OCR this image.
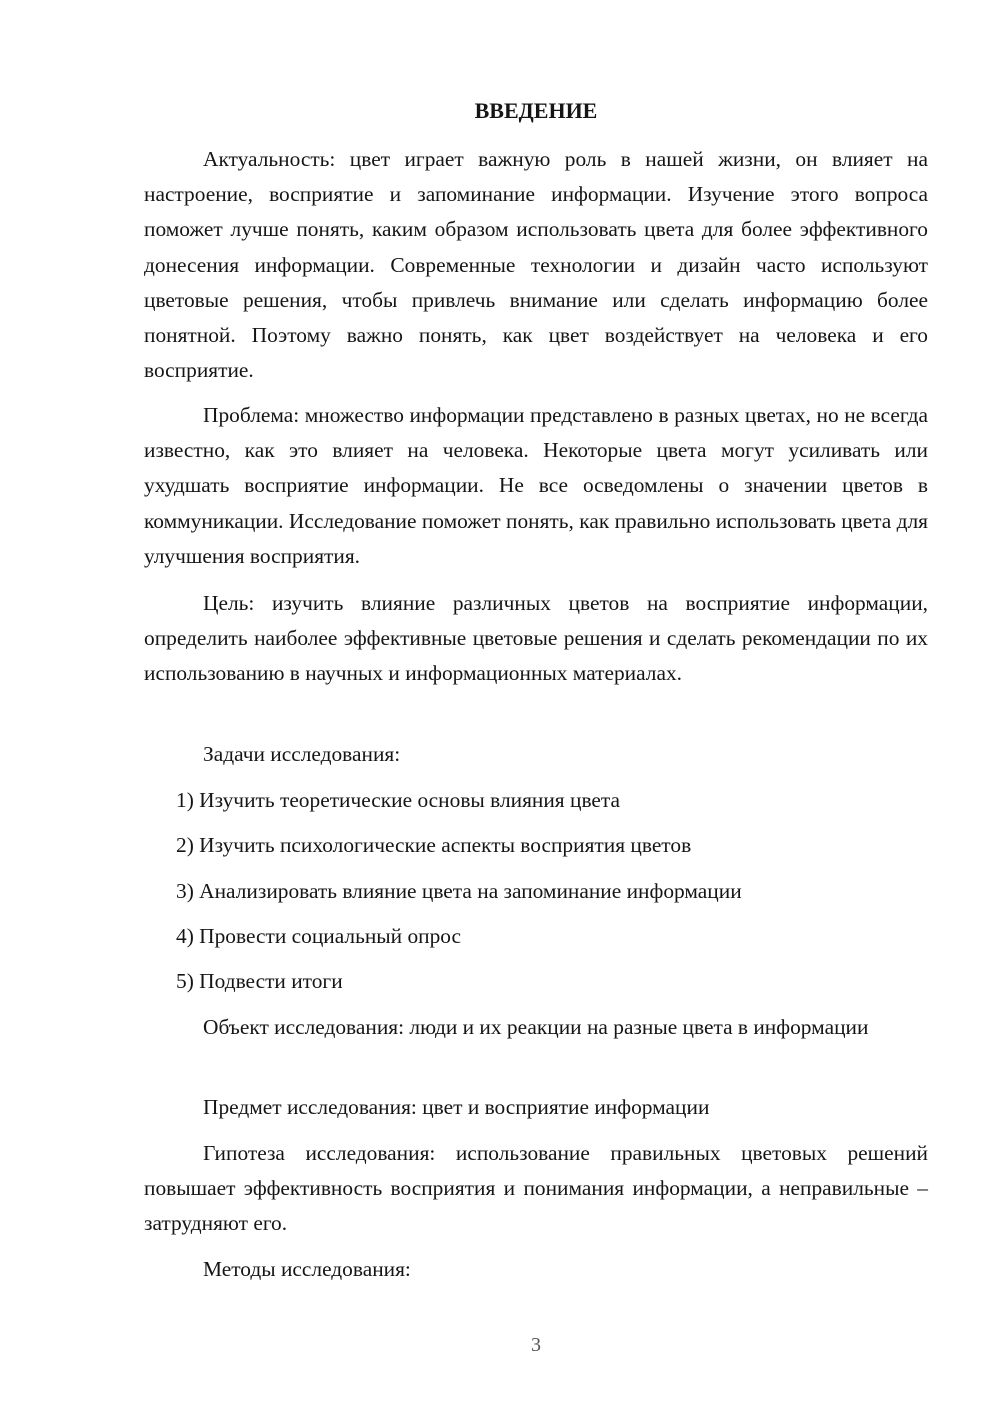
ВВЕДЕНИЕ

Актуальность: цвет играет важную роль в нашей жизни, он влияет на настроение, восприятие и запоминание информации. Изучение этого вопроса поможет лучше понять, каким образом использовать цвета для более эффективного донесения информации. Современные технологии и дизайн часто используют цветовые решения, чтобы привлечь внимание или сделать информацию более понятной. Поэтому важно понять, как цвет воздействует на человека и его восприятие.

Проблема: множество информации представлено в разных цветах, но не всегда известно, как это влияет на человека. Некоторые цвета могут усиливать или ухудшать восприятие информации. Не все осведомлены о значении цветов в коммуникации. Исследование поможет понять, как правильно использовать цвета для улучшения восприятия.

Цель: изучить влияние различных цветов на восприятие информации, определить наиболее эффективные цветовые решения и сделать рекомендации по их использованию в научных и информационных материалах.

Задачи исследования:
1) Изучить теоретические основы влияния цвета
2) Изучить психологические аспекты восприятия цветов
3) Анализировать влияние цвета на запоминание информации
4) Провести социальный опрос
5) Подвести итоги

Объект исследования: люди и их реакции на разные цвета в информации

Предмет исследования: цвет и восприятие информации

Гипотеза исследования: использование правильных цветовых решений повышает эффективность восприятия и понимания информации, а неправильные – затрудняют его.

Методы исследования:
3
